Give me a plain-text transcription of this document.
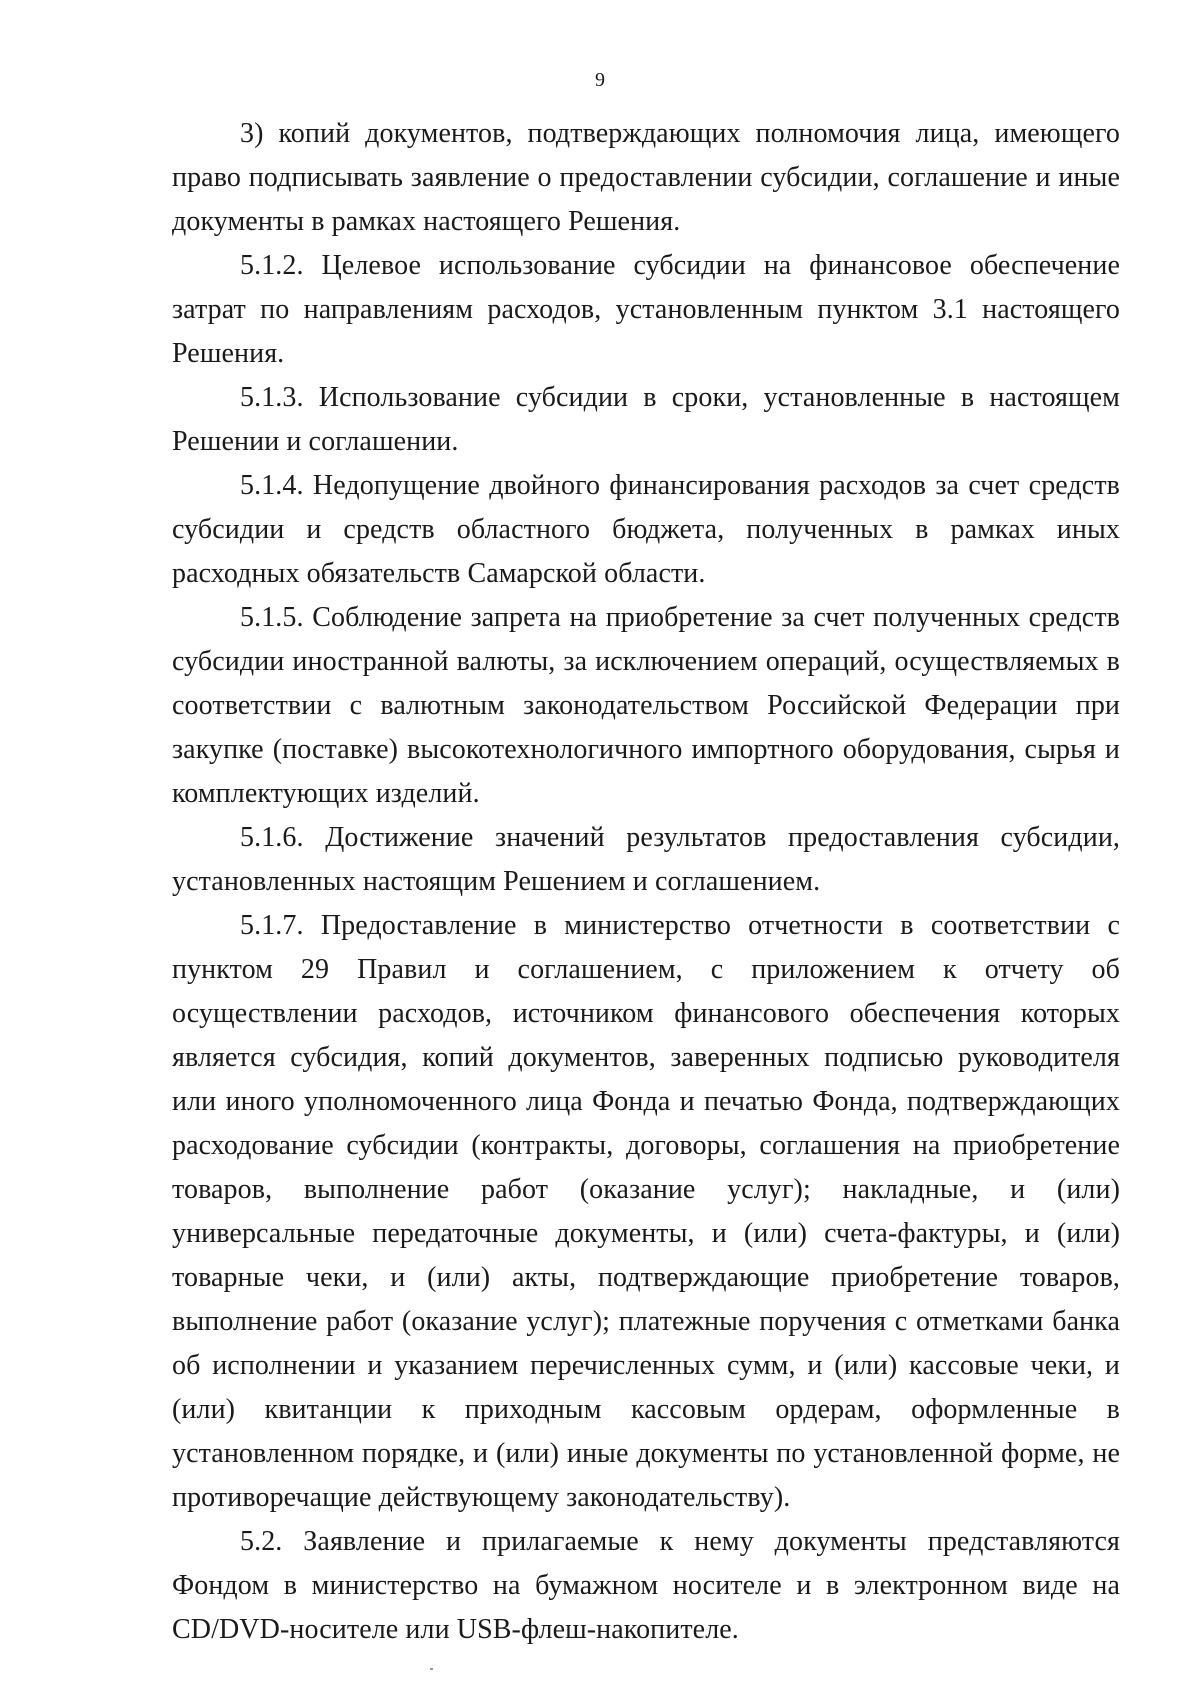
9

3) копий документов, подтверждающих полномочия лица, имеющего право подписывать заявление о предоставлении субсидии, соглашение и иные документы в рамках настоящего Решения.

5.1.2. Целевое использование субсидии на финансовое обеспечение затрат по направлениям расходов, установленным пунктом 3.1 настоящего Решения.

5.1.3. Использование субсидии в сроки, установленные в настоящем Решении и соглашении.

5.1.4. Недопущение двойного финансирования расходов за счет средств субсидии и средств областного бюджета, полученных в рамках иных расходных обязательств Самарской области.

5.1.5. Соблюдение запрета на приобретение за счет полученных средств субсидии иностранной валюты, за исключением операций, осуществляемых в соответствии с валютным законодательством Российской Федерации при закупке (поставке) высокотехнологичного импортного оборудования, сырья и комплектующих изделий.

5.1.6. Достижение значений результатов предоставления субсидии, установленных настоящим Решением и соглашением.

5.1.7. Предоставление в министерство отчетности в соответствии с пунктом 29 Правил и соглашением, с приложением к отчету об осуществлении расходов, источником финансового обеспечения которых является субсидия, копий документов, заверенных подписью руководителя или иного уполномоченного лица Фонда и печатью Фонда, подтверждающих расходование субсидии (контракты, договоры, соглашения на приобретение товаров, выполнение работ (оказание услуг); накладные, и (или) универсальные передаточные документы, и (или) счета-фактуры, и (или) товарные чеки, и (или) акты, подтверждающие приобретение товаров, выполнение работ (оказание услуг); платежные поручения с отметками банка об исполнении и указанием перечисленных сумм, и (или) кассовые чеки, и (или) квитанции к приходным кассовым ордерам, оформленные в установленном порядке, и (или) иные документы по установленной форме, не противоречащие действующему законодательству).

5.2. Заявление и прилагаемые к нему документы представляются Фондом в министерство на бумажном носителе и в электронном виде на CD/DVD-носителе или USB-флеш-накопителе.
